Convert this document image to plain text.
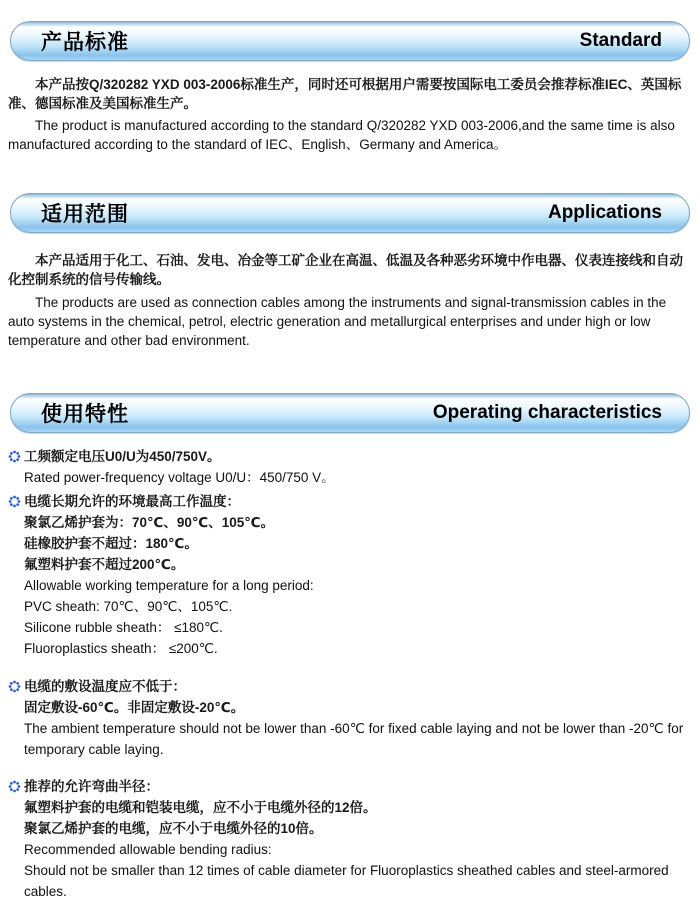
产品标准	Standard

本产品按Q/320282 YXD 003-2006标准生产，同时还可根据用户需要按国际电工委员会推荐标准IEC、英国标准、德国标准及美国标准生产。

The product is manufactured according to the standard Q/320282 YXD 003-2006,and the same time is also manufactured according to the standard of IEC、English、Germany and America。

适用范围	Applications

本产品适用于化工、石油、发电、冶金等工矿企业在高温、低温及各种恶劣环境中作电器、仪表连接线和自动化控制系统的信号传输线。

The products are used as connection cables among the instruments and signal-transmission cables in the auto systems in the chemical, petrol, electric generation and metallurgical enterprises and under high or low temperature and other bad environment.

使用特性	Operating characteristics

工频额定电压U0/U为450/750V。

Rated power-frequency voltage U0/U：450/750 V。

电缆长期允许的环境最高工作温度：

聚氯乙烯护套为：70℃、90℃、105℃。

硅橡胶护套不超过：180℃。

氟塑料护套不超过200℃。

Allowable working temperature for a long period:

PVC sheath: 70℃、90℃、105℃.

Silicone rubble sheath： ≤180℃.

Fluoroplastics sheath： ≤200℃.

电缆的敷设温度应不低于：

固定敷设-60℃。非固定敷设-20℃。

The ambient temperature should not be lower than -60℃ for fixed cable laying and not be lower than -20℃ for temporary cable laying.

推荐的允许弯曲半径：

氟塑料护套的电缆和铠装电缆，应不小于电缆外径的12倍。

聚氯乙烯护套的电缆，应不小于电缆外径的10倍。

Recommended allowable bending radius:

Should not be smaller than 12 times of cable diameter for Fluoroplastics sheathed cables and steel-armored cables.
